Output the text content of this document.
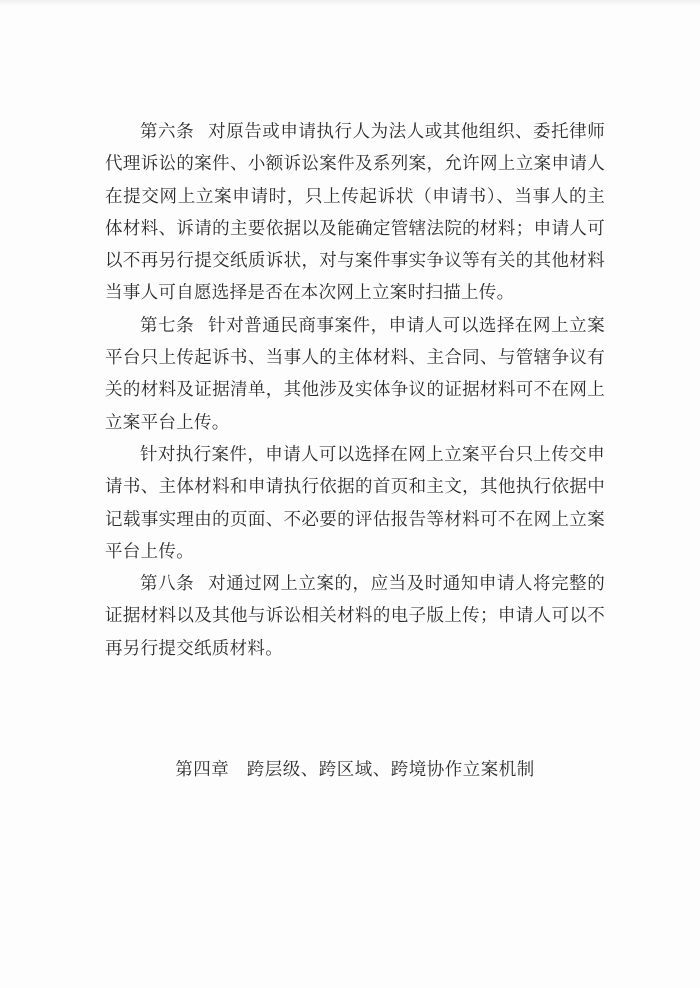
第六条 对原告或申请执行人为法人或其他组织、委托律师代理诉讼的案件、小额诉讼案件及系列案，允许网上立案申请人在提交网上立案申请时，只上传起诉状（申请书）、当事人的主体材料、诉请的主要依据以及能确定管辖法院的材料；申请人可以不再另行提交纸质诉状，对与案件事实争议等有关的其他材料当事人可自愿选择是否在本次网上立案时扫描上传。

第七条 针对普通民商事案件，申请人可以选择在网上立案平台只上传起诉书、当事人的主体材料、主合同、与管辖争议有关的材料及证据清单，其他涉及实体争议的证据材料可不在网上立案平台上传。

针对执行案件，申请人可以选择在网上立案平台只上传交申请书、主体材料和申请执行依据的首页和主文，其他执行依据中记载事实理由的页面、不必要的评估报告等材料可不在网上立案平台上传。

第八条 对通过网上立案的，应当及时通知申请人将完整的证据材料以及其他与诉讼相关材料的电子版上传；申请人可以不再另行提交纸质材料。

第四章 跨层级、跨区域、跨境协作立案机制
